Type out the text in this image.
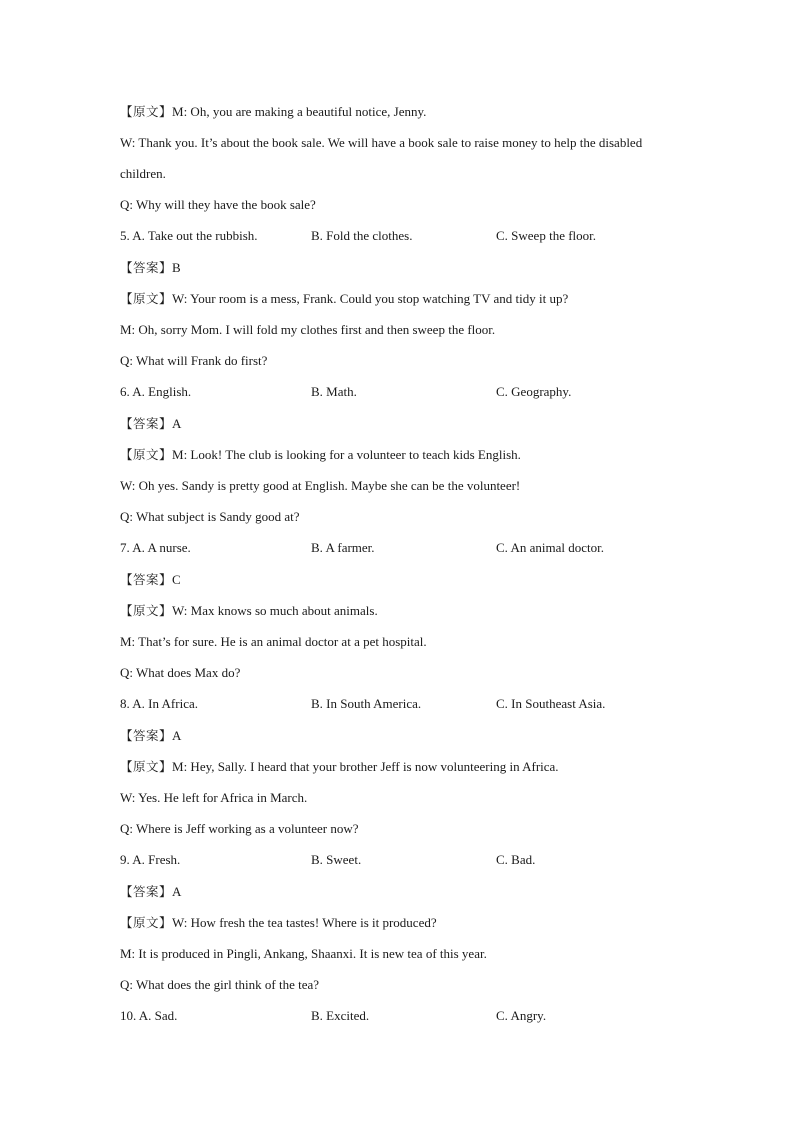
【原文】M: Oh, you are making a beautiful notice, Jenny.
W: Thank you. It’s about the book sale. We will have a book sale to raise money to help the disabled
children.
Q: Why will they have the book sale?
5. A. Take out the rubbish.	B. Fold the clothes.	C. Sweep the floor.
【答案】B
【原文】W: Your room is a mess, Frank. Could you stop watching TV and tidy it up?
M: Oh, sorry Mom. I will fold my clothes first and then sweep the floor.
Q: What will Frank do first?
6. A. English.	B. Math.	C. Geography.
【答案】A
【原文】M: Look! The club is looking for a volunteer to teach kids English.
W: Oh yes. Sandy is pretty good at English. Maybe she can be the volunteer!
Q: What subject is Sandy good at?
7. A. A nurse.	B. A farmer.	C. An animal doctor.
【答案】C
【原文】W: Max knows so much about animals.
M: That’s for sure. He is an animal doctor at a pet hospital.
Q: What does Max do?
8. A. In Africa.	B. In South America.	C. In Southeast Asia.
【答案】A
【原文】M: Hey, Sally. I heard that your brother Jeff is now volunteering in Africa.
W: Yes. He left for Africa in March.
Q: Where is Jeff working as a volunteer now?
9. A. Fresh.	B. Sweet.	C. Bad.
【答案】A
【原文】W: How fresh the tea tastes! Where is it produced?
M: It is produced in Pingli, Ankang, Shaanxi. It is new tea of this year.
Q: What does the girl think of the tea?
10. A. Sad.	B. Excited.	C. Angry.
